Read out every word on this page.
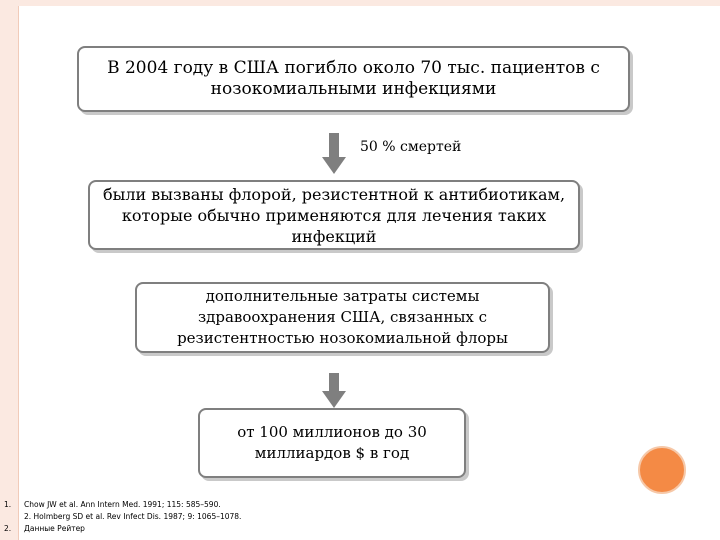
В 2004 году в США погибло около 70 тыс. пациентов с
нозокомиальными инфекциями
50 % смертей
были вызваны флорой, резистентной к антибиотикам,
которые обычно применяются для лечения таких
инфекций
дополнительные затраты системы
здравоохранения США, связанных с
резистентностью нозокомиальной флоры
от 100 миллионов до 30
миллиардов $ в год
1. Chow JW et al. Ann Intern Med. 1991; 115: 585–590.
2. Holmberg SD et al. Rev Infect Dis. 1987; 9: 1065–1078.
2. Данные Рейтер
